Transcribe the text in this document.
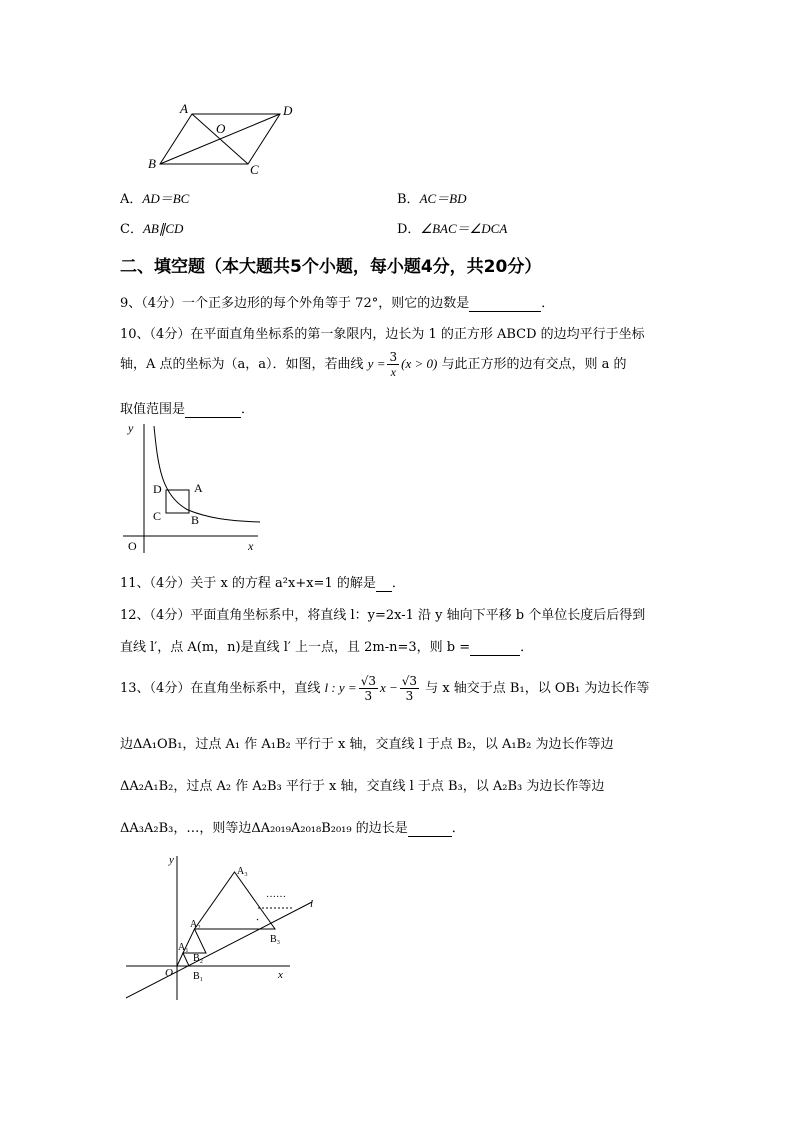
A	D
O
B	C
A．AD＝BC	B．AC＝BD
C．AB∥CD	D．∠BAC＝∠DCA
二、填空题（本大题共5个小题，每小题4分，共20分）
9、（4分）一个正多边形的每个外角等于 72°，则它的边数是	．
10、（4分）在平面直角坐标系的第一象限内，边长为 1 的正方形 ABCD 的边均平行于坐标
轴，A 点的坐标为（a，a）．如图，若曲线 $y = \frac{3}{x} (x > 0)$ 与此正方形的边有交点，则 a 的
取值范围是	．
y
x
O
D	A
C B
11、（4分）关于 x 的方程 a²x+x=1 的解是 ．
12、（4分）平面直角坐标系中，将直线 l：y=2x-1 沿 y 轴向下平移 b 个单位长度后后得到
直线 l′，点 A(m，n)是直线 l′ 上一点，且 2m-n=3，则 b =	．
13、（4分）在直角坐标系中，直线 l : $y = \frac{√3}{3}$ $x - \frac{√3}{3}$ 与 x 轴交于点 B₁，以 OB₁ 为边长作等
边ΔA₁OB₁，过点 A₁ 作 A₁B₂ 平行于 x 轴，交直线 l 于点 B₂，以 A₁B₂ 为边长作等边
ΔA₂A₁B₂，过点 A₂ 作 A₂B₃ 平行于 x 轴，交直线 l 于点 B₃，以 A₂B₃ 为边长作等边
ΔA₃A₂B₃，…，则等边ΔA₂₀₁₉A₂₀₁₈B₂₀₁₉ 的边长是	．
y
x
l
O
A₁
A₂
A₃
B₁
B₂
B₃
……
